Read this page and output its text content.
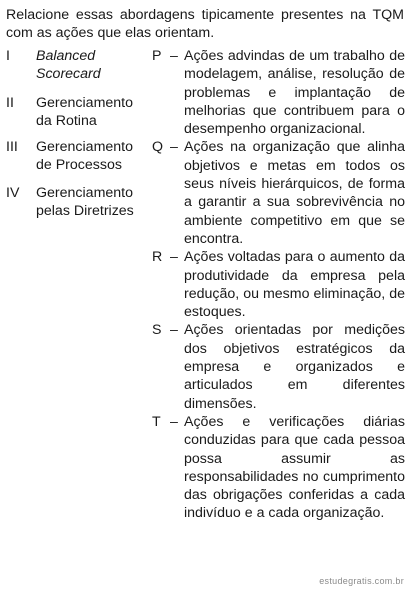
Relacione essas abordagens tipicamente presentes na TQM com as ações que elas orientam.
I	Balanced Scorecard
II	Gerenciamento da Rotina
III	Gerenciamento de Processos
IV	Gerenciamento pelas Diretrizes
P – Ações advindas de um trabalho de modelagem, análise, resolução de problemas e implantação de melhorias que contribuem para o desempenho organizacional.
Q – Ações na organização que alinha objetivos e metas em todos os seus níveis hierárquicos, de forma a garantir a sua sobrevivência no ambiente competitivo em que se encontra.
R – Ações voltadas para o aumento da produtividade da empresa pela redução, ou mesmo eliminação, de estoques.
S – Ações orientadas por medições dos objetivos estratégicos da empresa e organizados e articulados em diferentes dimensões.
T – Ações e verificações diárias conduzidas para que cada pessoa possa assumir as responsabilidades no cumprimento das obrigações conferidas a cada indivíduo e a cada organização.
estudegratis.com.br
